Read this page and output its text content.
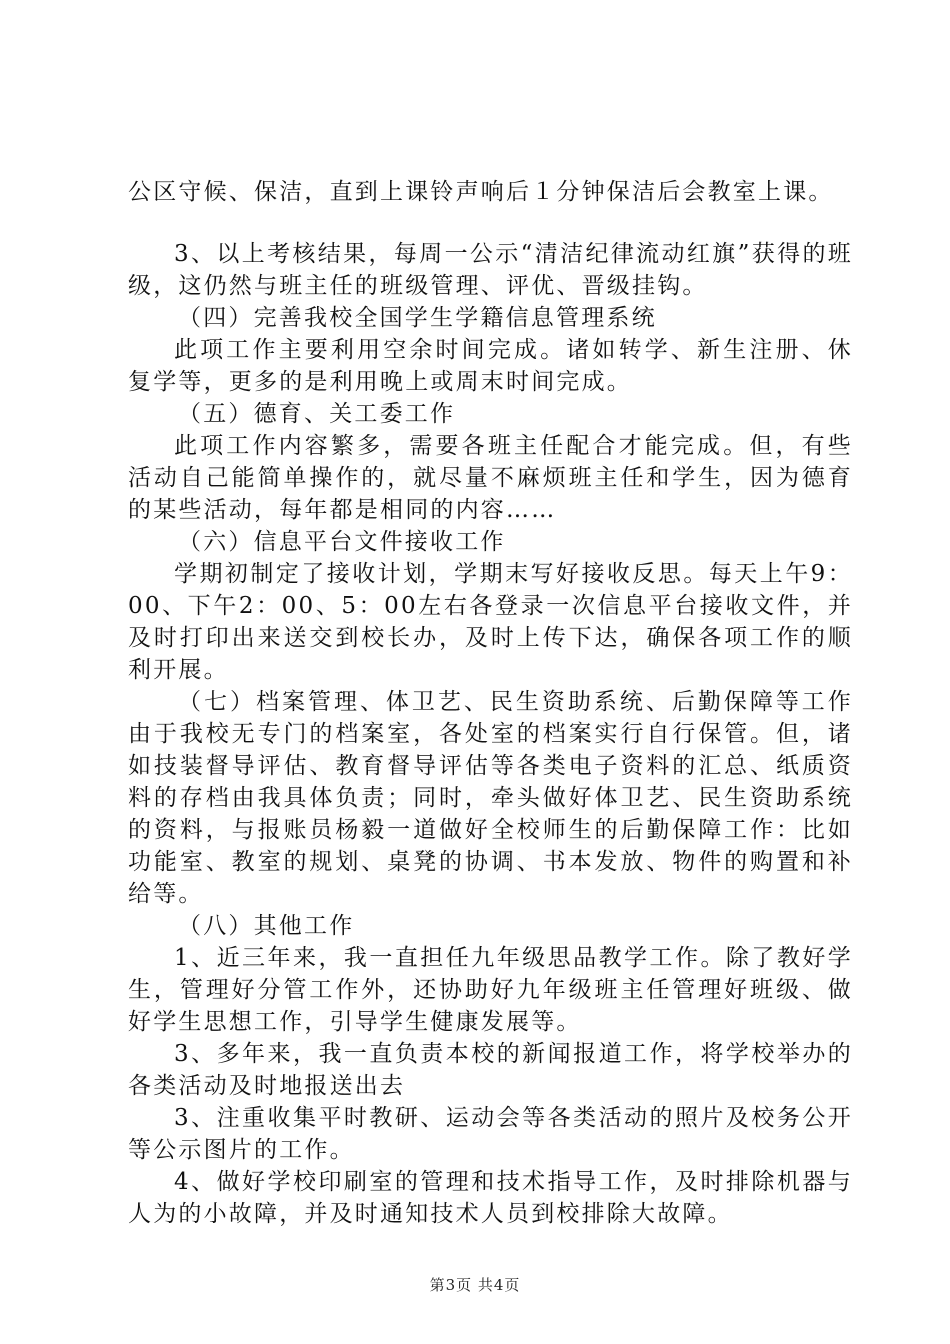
公区守候、保洁，直到上课铃声响后１分钟保洁后会教室上课。

3、以上考核结果，每周一公示“清洁纪律流动红旗”获得的班级，这仍然与班主任的班级管理、评优、晋级挂钩。

（四）完善我校全国学生学籍信息管理系统

此项工作主要利用空余时间完成。诸如转学、新生注册、休复学等，更多的是利用晚上或周末时间完成。

（五）德育、关工委工作

此项工作内容繁多，需要各班主任配合才能完成。但，有些活动自己能简单操作的，就尽量不麻烦班主任和学生，因为德育的某些活动，每年都是相同的内容……

（六）信息平台文件接收工作

学期初制定了接收计划，学期末写好接收反思。每天上午9：00、下午2：00、5：00左右各登录一次信息平台接收文件，并及时打印出来送交到校长办，及时上传下达，确保各项工作的顺利开展。

（七）档案管理、体卫艺、民生资助系统、后勤保障等工作由于我校无专门的档案室，各处室的档案实行自行保管。但，诸如技装督导评估、教育督导评估等各类电子资料的汇总、纸质资料的存档由我具体负责；同时，牵头做好体卫艺、民生资助系统的资料，与报账员杨毅一道做好全校师生的后勤保障工作：比如功能室、教室的规划、桌凳的协调、书本发放、物件的购置和补给等。

（八）其他工作

1、近三年来，我一直担任九年级思品教学工作。除了教好学生，管理好分管工作外，还协助好九年级班主任管理好班级、做好学生思想工作，引导学生健康发展等。

3、多年来，我一直负责本校的新闻报道工作，将学校举办的各类活动及时地报送出去

3、注重收集平时教研、运动会等各类活动的照片及校务公开等公示图片的工作。

4、做好学校印刷室的管理和技术指导工作，及时排除机器与人为的小故障，并及时通知技术人员到校排除大故障。

第3页 共4页
